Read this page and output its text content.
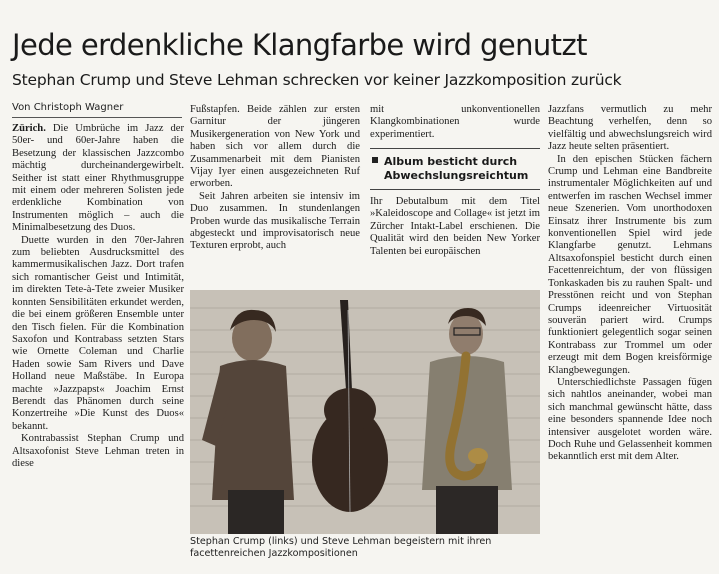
Jede erdenkliche Klangfarbe wird genutzt
Stephan Crump und Steve Lehman schrecken vor keiner Jazzkomposition zurück
Von Christoph Wagner

Zürich. Die Umbrüche im Jazz der 50er- und 60er-Jahre haben die Besetzung der klassischen Jazzcombo mächtig durcheinandergewirbelt. Seither ist statt einer Rhythmusgruppe mit einem oder mehreren Solisten jede erdenkliche Kombination von Instrumenten möglich – auch die Minimalbesetzung des Duos.

Duette wurden in den 70er-Jahren zum beliebten Ausdrucksmittel des kammermusikalischen Jazz. Dort trafen sich romantischer Geist und Intimität, im direkten Tete-à-Tete zweier Musiker konnten Sensibilitäten erkundet werden, die bei einem größeren Ensemble unter den Tisch fielen. Für die Kombination Saxofon und Kontrabass setzten Stars wie Ornette Coleman und Charlie Haden sowie Sam Rivers und Dave Holland neue Maßstäbe. In Europa machte »Jazzpapst« Joachim Ernst Berendt das Phänomen durch seine Konzertreihe »Die Kunst des Duos« bekannt.

Kontrabassist Stephan Crump und Altsaxofonist Steve Lehman treten in diese

Fußstapfen. Beide zählen zur ersten Garnitur der jüngeren Musikergeneration von New York und haben sich vor allem durch die Zusammenarbeit mit dem Pianisten Vijay Iyer einen ausgezeichneten Ruf erworben.

Seit Jahren arbeiten sie intensiv im Duo zusammen. In stundenlangen Proben wurde das musikalische Terrain abgesteckt und improvisatorisch neue Texturen erprobt, auch

mit unkonventionellen Klangkombinationen wurde experimentiert.

Album besticht durch Abwechslungsreichtum

Ihr Debutalbum mit dem Titel »Kaleidoscope and Collage« ist jetzt im Zürcher Intakt-Label erschienen. Die Qualität wird den beiden New Yorker Talenten bei europäischen

Jazzfans vermutlich zu mehr Beachtung verhelfen, denn so vielfältig und abwechslungsreich wird Jazz heute selten präsentiert.

In den epischen Stücken fächern Crump und Lehman eine Bandbreite instrumentaler Möglichkeiten auf und entwerfen im raschen Wechsel immer neue Szenerien. Vom unorthodoxen Einsatz ihrer Instrumente bis zum konventionellen Spiel wird jede Klangfarbe genutzt. Lehmans Altsaxofonspiel besticht durch einen Facettenreichtum, der von flüssigen Tonkaskaden bis zu rauhen Spalt- und Presstönen reicht und von Stephan Crumps ideenreicher Virtuosität souverän pariert wird. Crumps funktioniert gelegentlich sogar seinen Kontrabass zur Trommel um oder erzeugt mit dem Bogen kreisförmige Klangbewegungen.

Unterschiedlichste Passagen fügen sich nahtlos aneinander, wobei man sich manchmal gewünscht hätte, dass eine besonders spannende Idee noch intensiver ausgelotet worden wäre. Doch Ruhe und Gelassenheit kommen bekanntlich erst mit dem Alter.

Stephan Crump (links) und Steve Lehman begeistern mit ihren facettenreichen Jazzkompositionen
